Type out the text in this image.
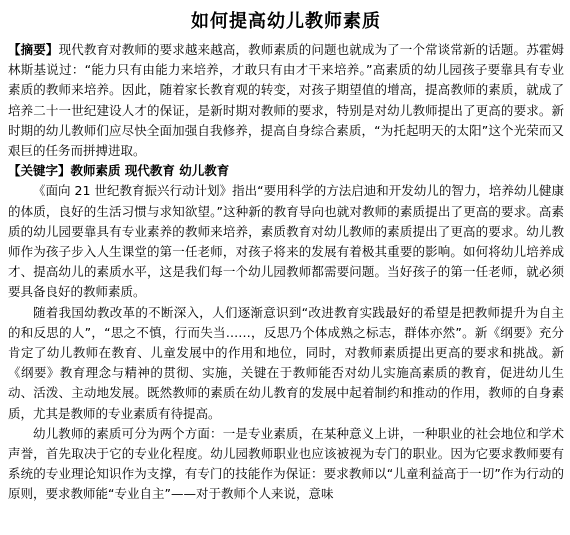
如何提高幼儿教师素质

【摘要】现代教育对教师的要求越来越高，教师素质的问题也就成为了一个常谈常新的话题。苏霍姆林斯基说过：“能力只有由能力来培养，才敢只有由才干来培养。”高素质的幼儿园孩子要靠具有专业素质的教师来培养。因此，随着家长教育观的转变，对孩子期望值的增高，提高教师的素质，就成了培养二十一世纪建设人才的保证，是新时期对教师的要求，特别是对幼儿教师提出了更高的要求。新时期的幼儿教师们应尽快全面加强自我修养，提高自身综合素质，“为托起明天的太阳”这个光荣而又艰巨的任务而拼搏进取。

【关键字】教师素质 现代教育 幼儿教育

《面向 21 世纪教育振兴行动计划》指出“要用科学的方法启迪和开发幼儿的智力，培养幼儿健康的体质，良好的生活习惯与求知欲望。”这种新的教育导向也就对教师的素质提出了更高的要求。高素质的幼儿园要靠具有专业素养的教师来培养，素质教育对幼儿教师的素质提出了更高的要求。幼儿教师作为孩子步入人生课堂的第一任老师，对孩子将来的发展有着极其重要的影响。如何将幼儿培养成才、提高幼儿的素质水平，这是我们每一个幼儿园教师都需要问题。当好孩子的第一任老师，就必须要具备良好的教师素质。

随着我国幼教改革的不断深入，人们逐渐意识到“改进教育实践最好的希望是把教师提升为自主的和反思的人”，“思之不慎，行而失当……，反思乃个体成熟之标志，群体亦然”。新《纲要》充分肯定了幼儿教师在教育、儿童发展中的作用和地位，同时，对教师素质提出更高的要求和挑战。新《纲要》教育理念与精神的贯彻、实施，关键在于教师能否对幼儿实施高素质的教育，促进幼儿生动、活泼、主动地发展。既然教师的素质在幼儿教育的发展中起着制约和推动的作用，教师的自身素质，尤其是教师的专业素质有待提高。

幼儿教师的素质可分为两个方面：一是专业素质，在某种意义上讲，一种职业的社会地位和学术声誉，首先取决于它的专业化程度。幼儿园教师职业也应该被视为专门的职业。因为它要求教师要有系统的专业理论知识作为支撑，有专门的技能作为保证：要求教师以“儿童利益高于一切”作为行动的原则，要求教师能“专业自主”——对于教师个人来说，意味
